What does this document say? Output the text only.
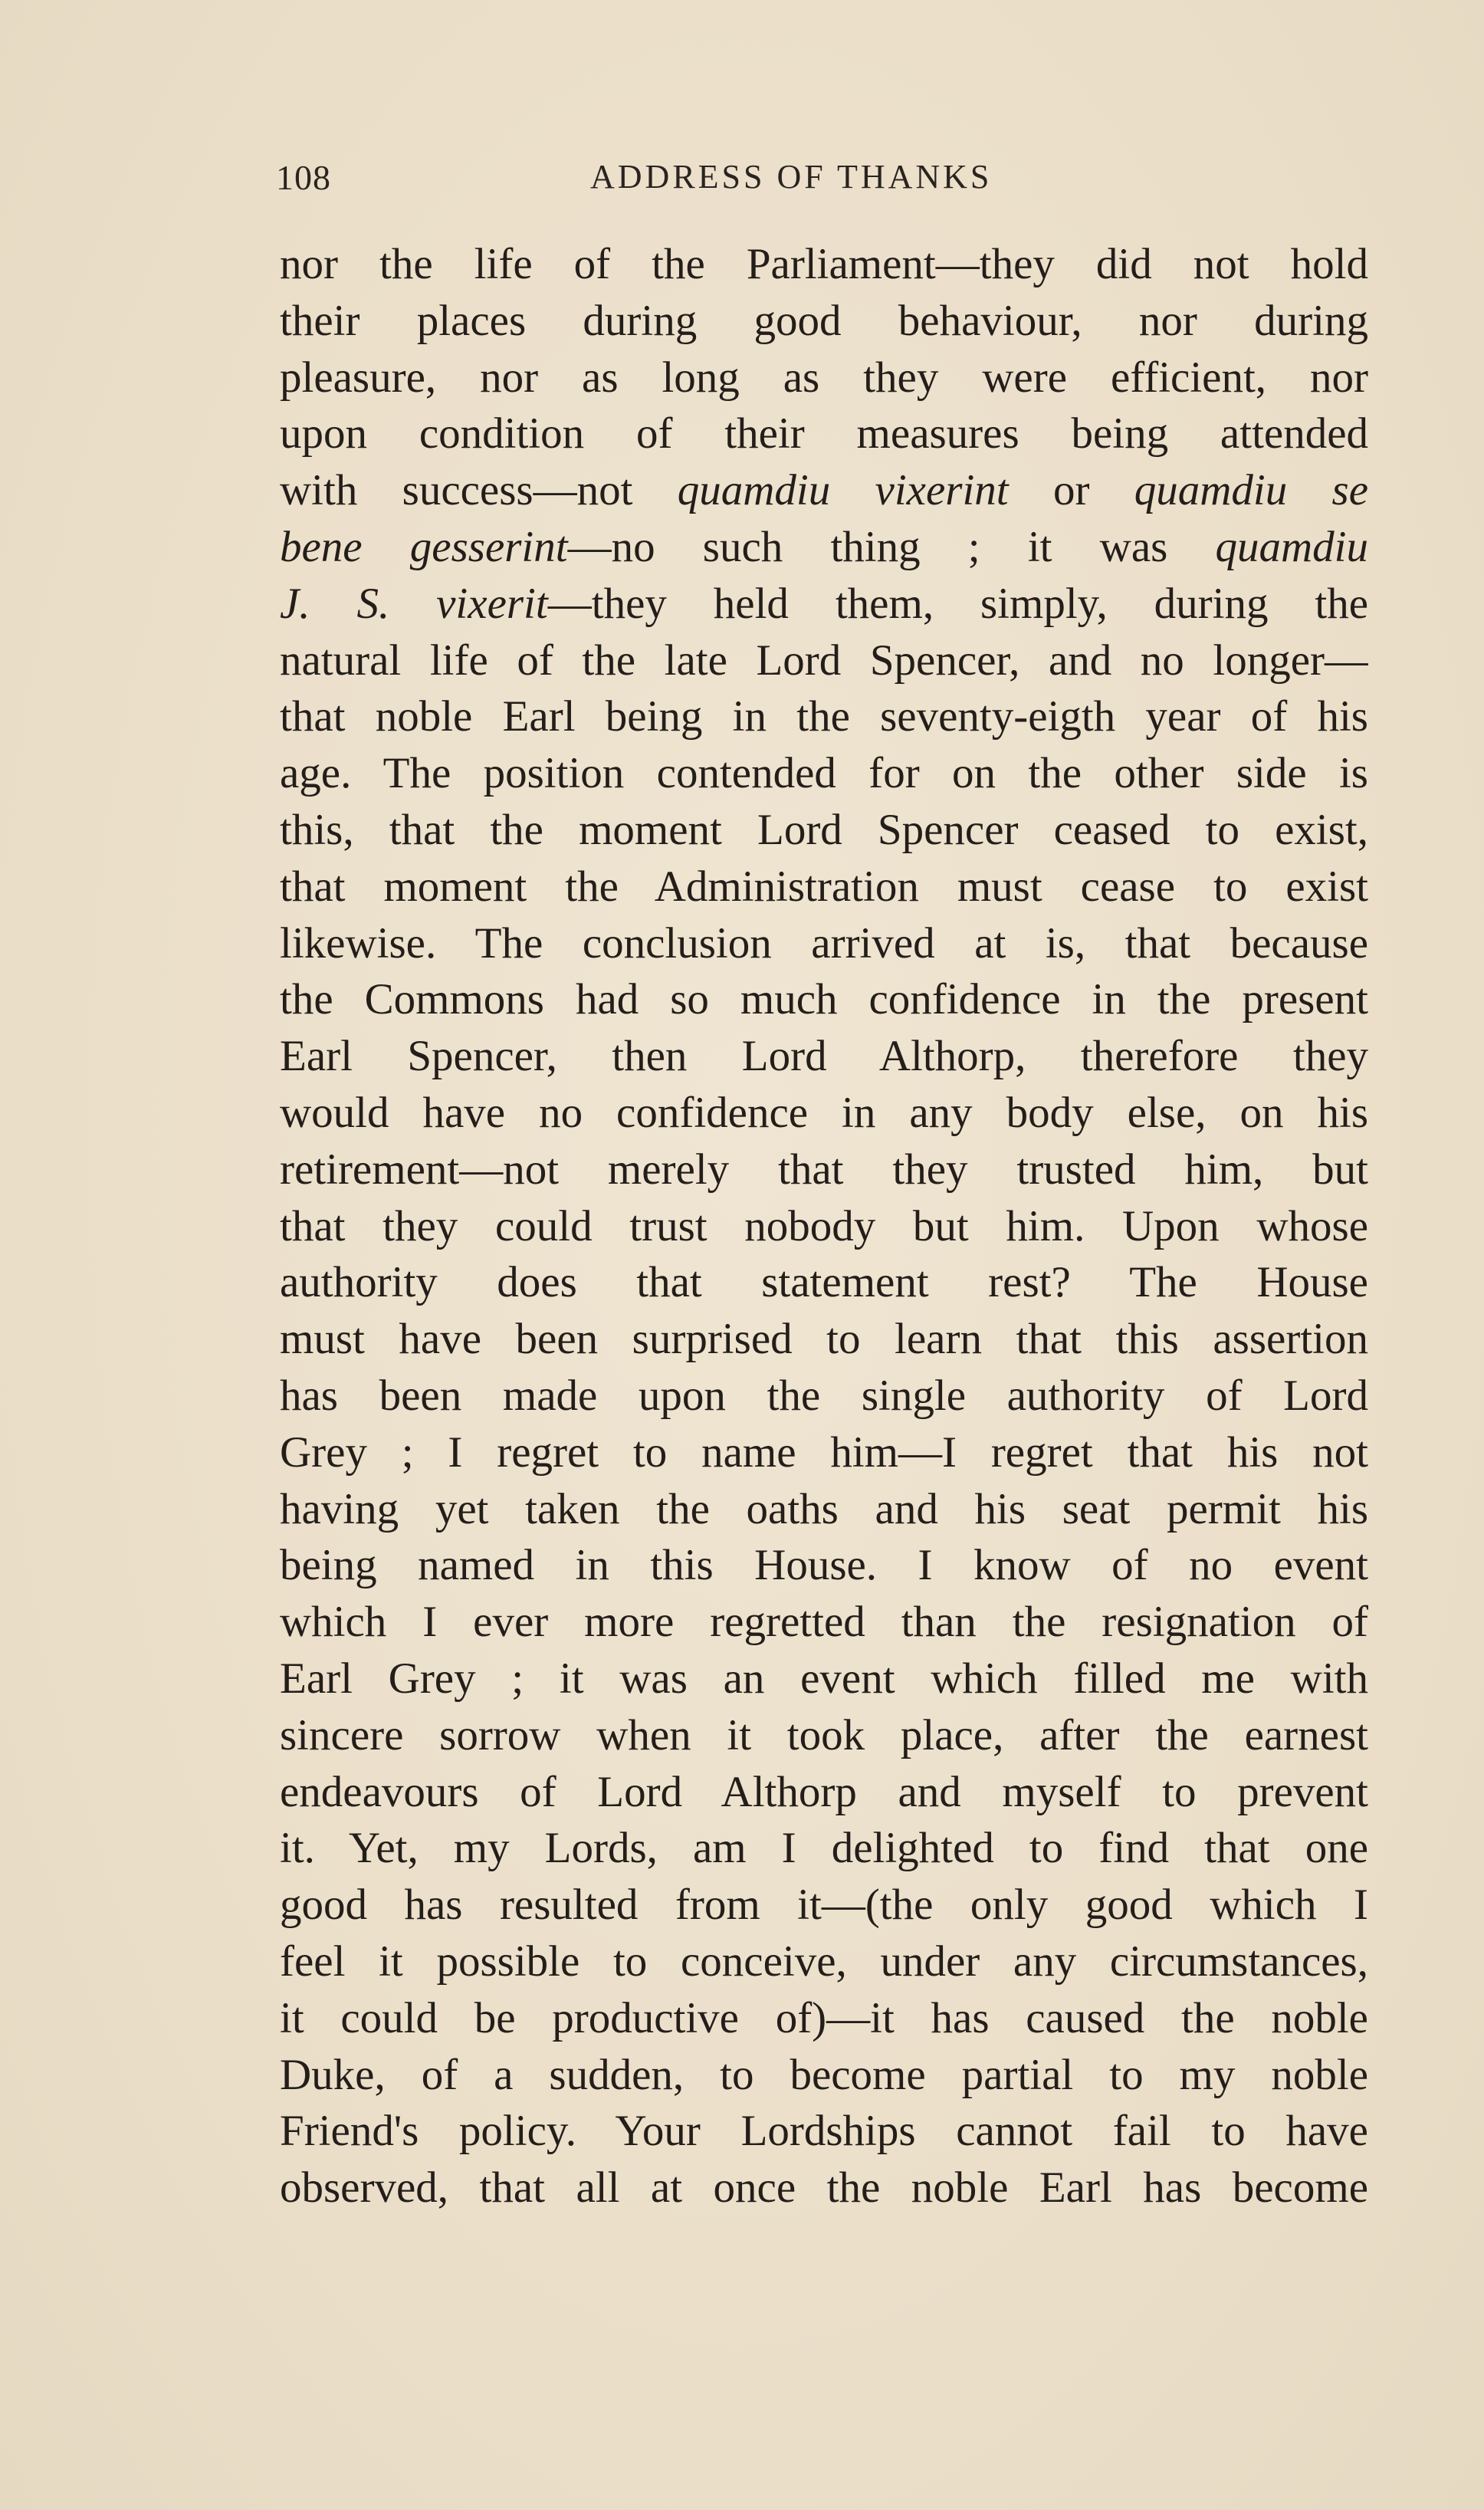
108	ADDRESS OF THANKS
nor the life of the Parliament—they did not hold
their places during good behaviour, nor during
pleasure, nor as long as they were efficient, nor
upon condition of their measures being attended
with success—not quamdiu vixerint or quamdiu se
bene gesserint—no such thing ; it was quamdiu
J. S. vixerit—they held them, simply, during the
natural life of the late Lord Spencer, and no longer—
that noble Earl being in the seventy-eigth year of his
age. The position contended for on the other side is
this, that the moment Lord Spencer ceased to exist,
that moment the Administration must cease to exist
likewise. The conclusion arrived at is, that because
the Commons had so much confidence in the present
Earl Spencer, then Lord Althorp, therefore they
would have no confidence in any body else, on his
retirement—not merely that they trusted him, but
that they could trust nobody but him. Upon whose
authority does that statement rest? The House
must have been surprised to learn that this assertion
has been made upon the single authority of Lord
Grey ; I regret to name him—I regret that his not
having yet taken the oaths and his seat permit his
being named in this House. I know of no event
which I ever more regretted than the resignation of
Earl Grey ; it was an event which filled me with
sincere sorrow when it took place, after the earnest
endeavours of Lord Althorp and myself to prevent
it. Yet, my Lords, am I delighted to find that one
good has resulted from it—(the only good which I
feel it possible to conceive, under any circumstances,
it could be productive of)—it has caused the noble
Duke, of a sudden, to become partial to my noble
Friend's policy. Your Lordships cannot fail to have
observed, that all at once the noble Earl has become
